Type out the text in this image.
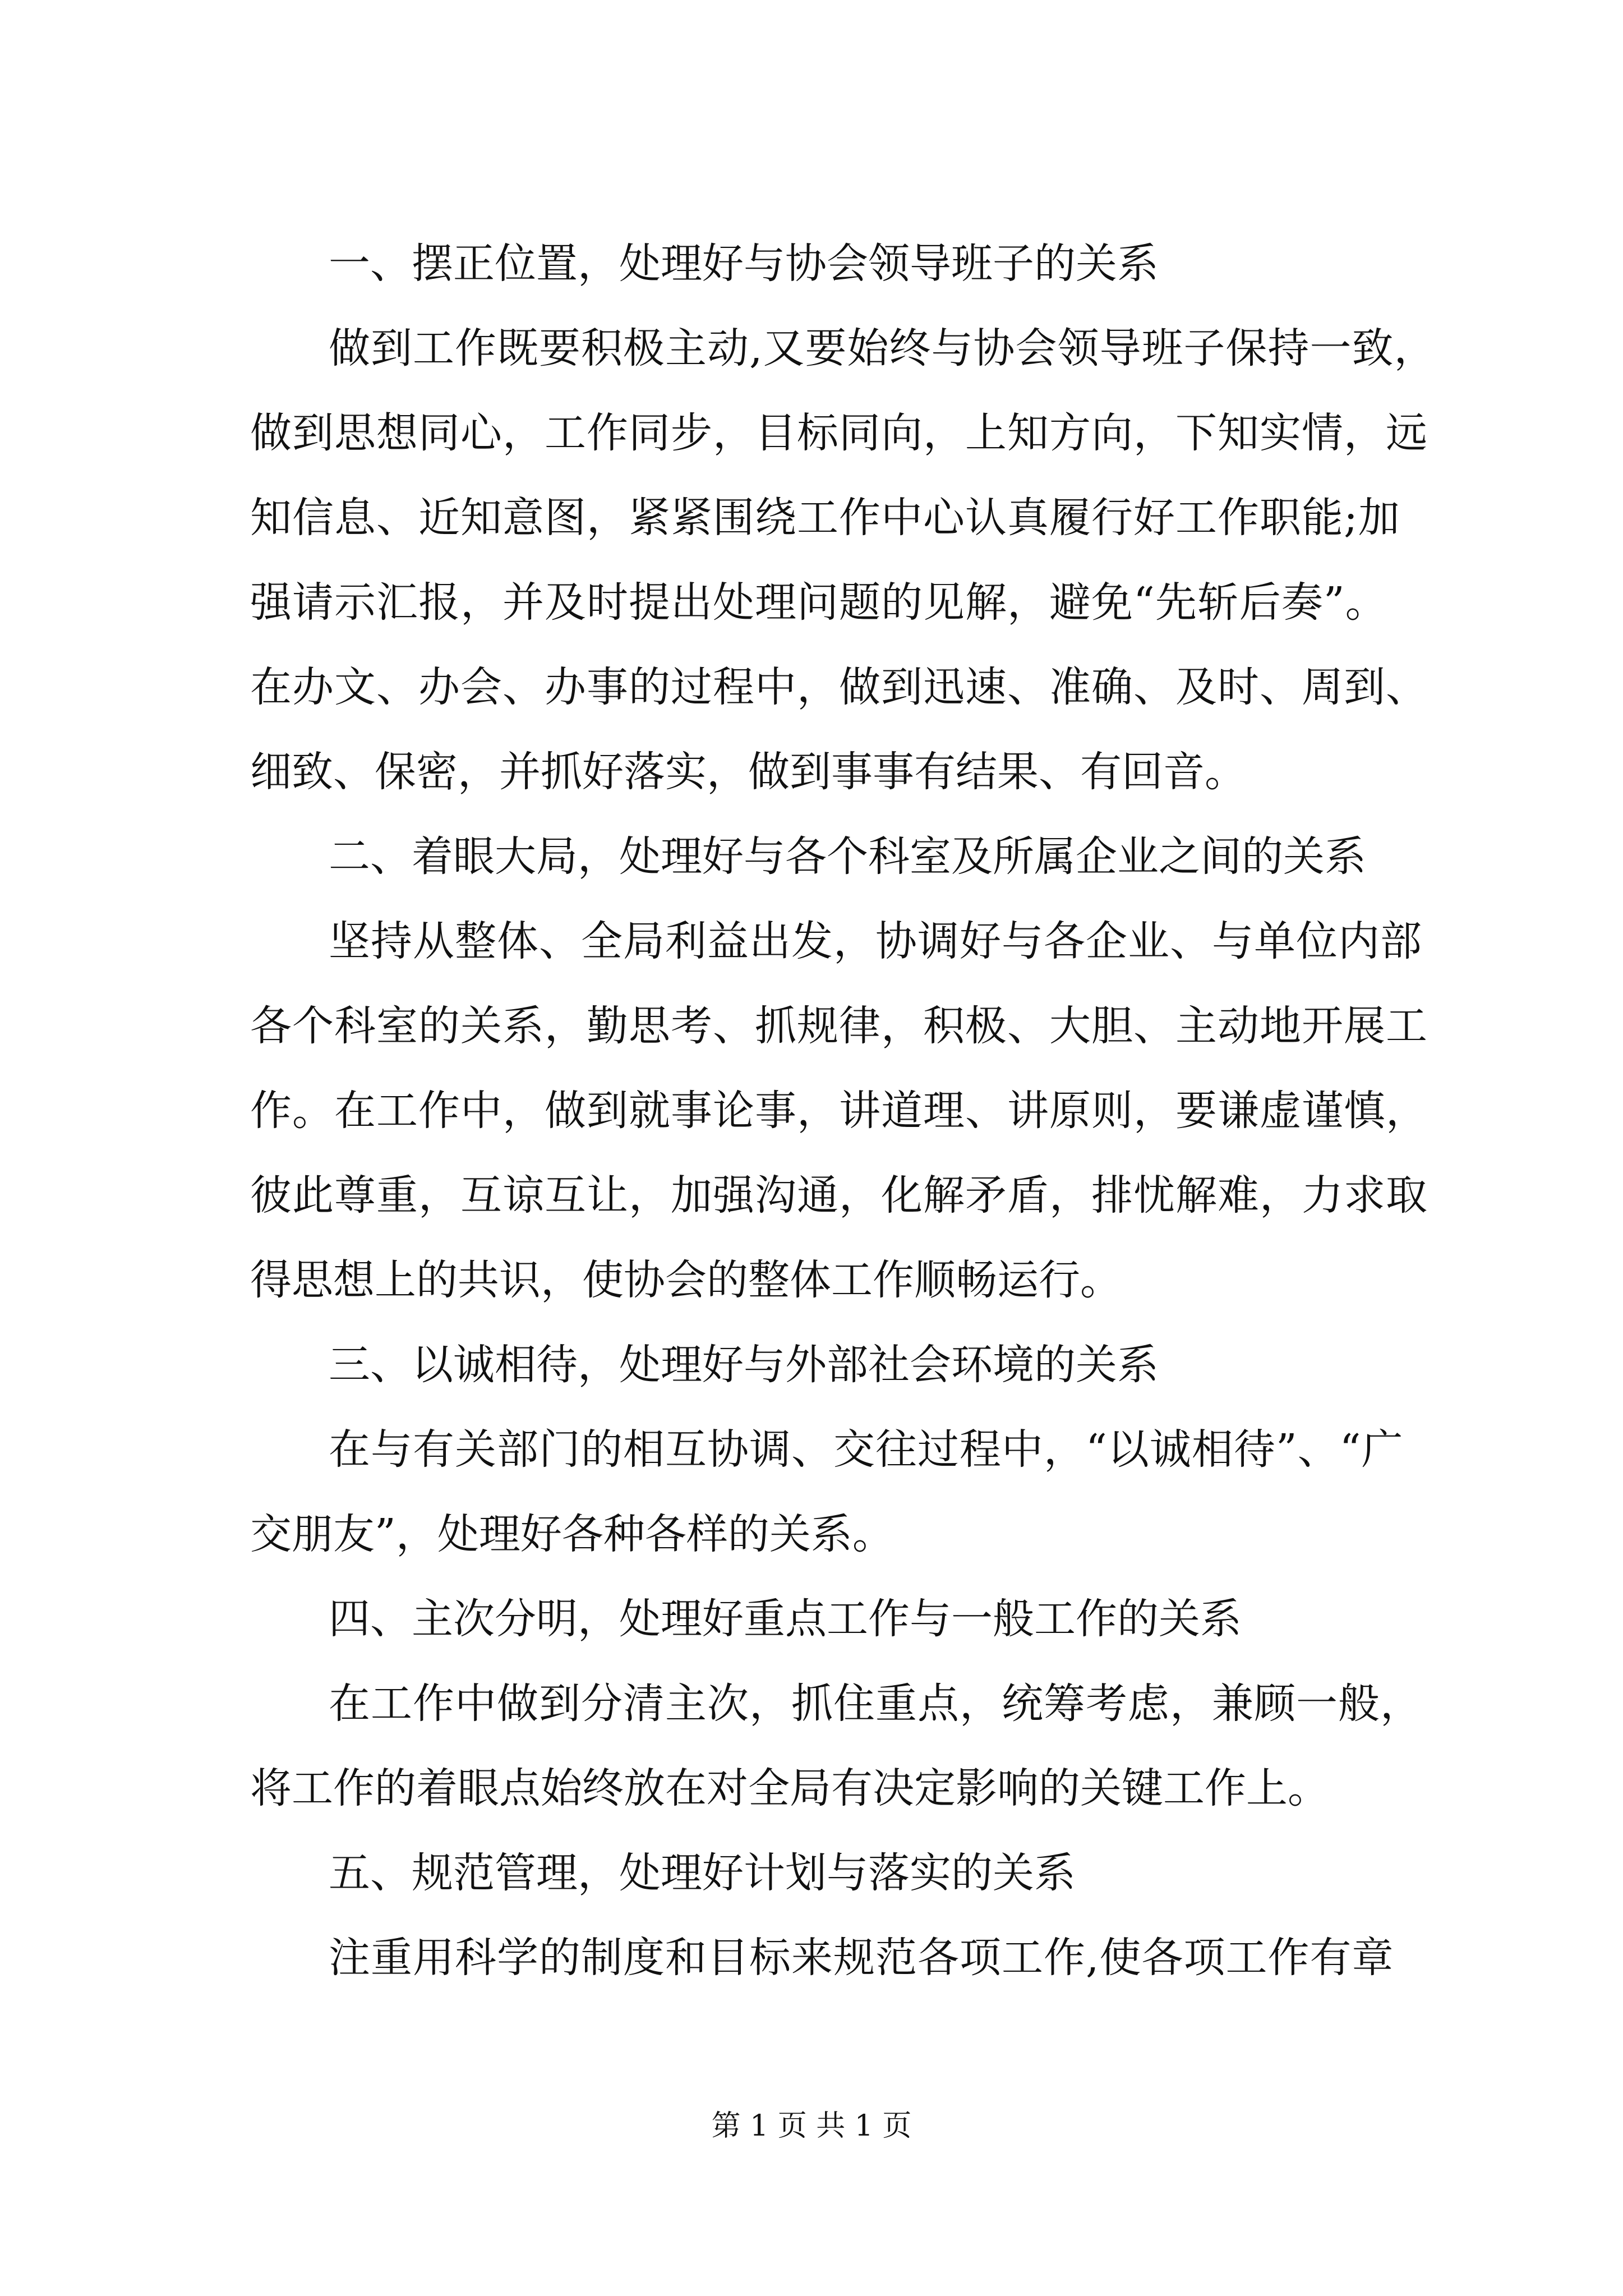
一、摆正位置，处理好与协会领导班子的关系
做到工作既要积极主动,又要始终与协会领导班子保持一致，
做到思想同心，工作同步，目标同向，上知方向，下知实情，远
知信息、近知意图，紧紧围绕工作中心认真履行好工作职能;加
强请示汇报，并及时提出处理问题的见解，避免“先斩后奏”。
在办文、办会、办事的过程中，做到迅速、准确、及时、周到、
细致、保密，并抓好落实，做到事事有结果、有回音。
二、着眼大局，处理好与各个科室及所属企业之间的关系
坚持从整体、全局利益出发，协调好与各企业、与单位内部
各个科室的关系，勤思考、抓规律，积极、大胆、主动地开展工
作。在工作中，做到就事论事，讲道理、讲原则，要谦虚谨慎，
彼此尊重，互谅互让，加强沟通，化解矛盾，排忧解难，力求取
得思想上的共识，使协会的整体工作顺畅运行。
三、以诚相待，处理好与外部社会环境的关系
在与有关部门的相互协调、交往过程中，“以诚相待”、“广
交朋友”，处理好各种各样的关系。
四、主次分明，处理好重点工作与一般工作的关系
在工作中做到分清主次，抓住重点，统筹考虑，兼顾一般，
将工作的着眼点始终放在对全局有决定影响的关键工作上。
五、规范管理，处理好计划与落实的关系
注重用科学的制度和目标来规范各项工作,使各项工作有章
第 1 页 共 1 页
